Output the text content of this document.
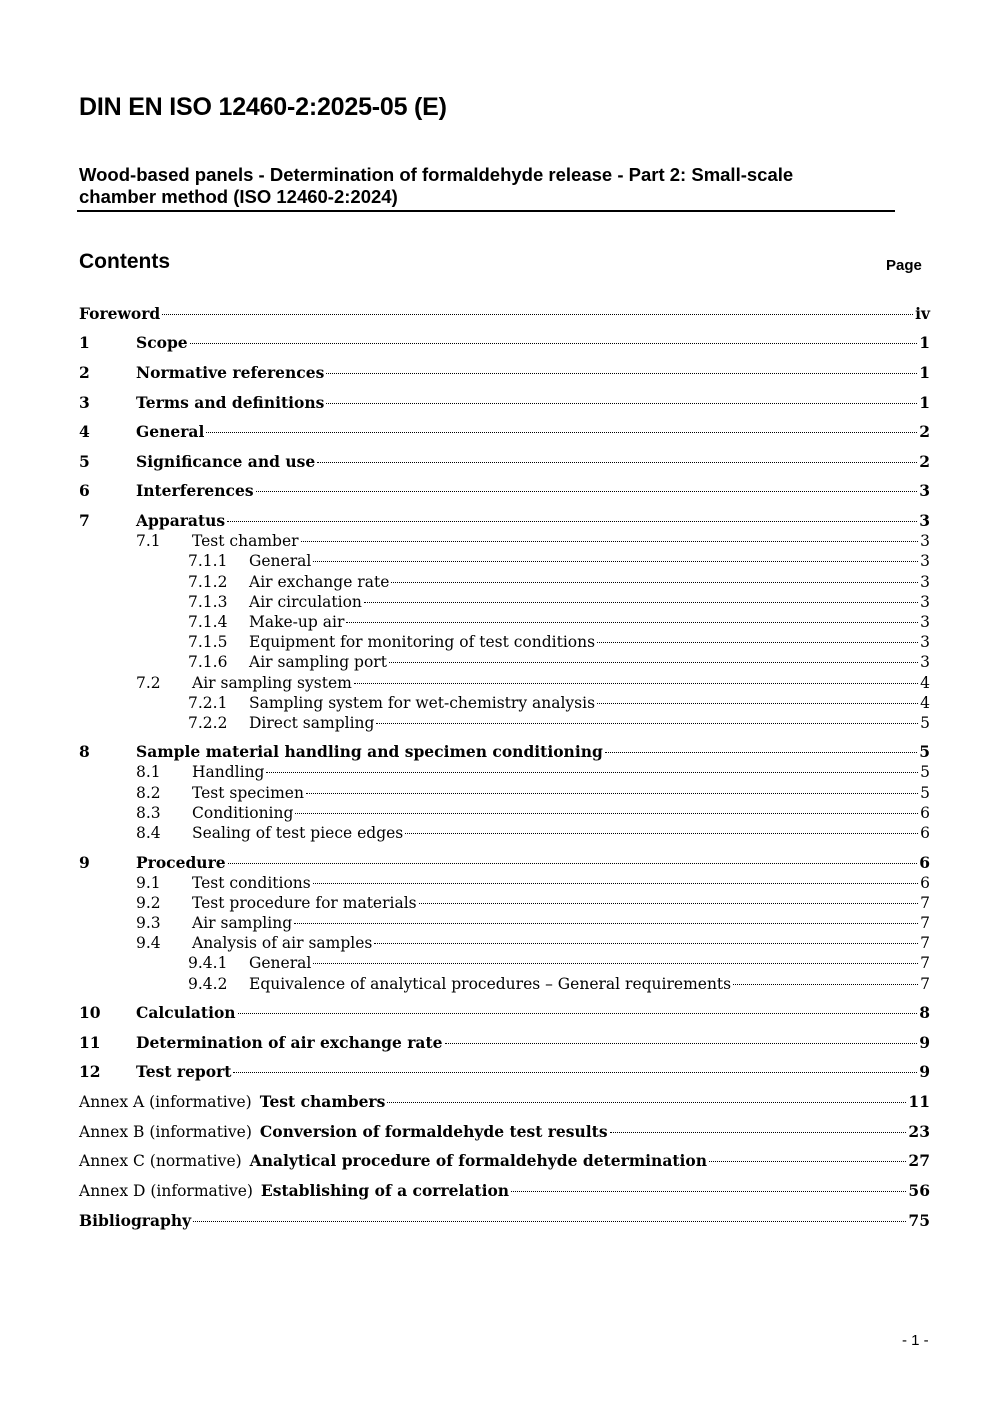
DIN EN ISO 12460-2:2025-05 (E)
Wood-based panels - Determination of formaldehyde release - Part 2: Small-scale
chamber method (ISO 12460-2:2024)
Contents	Page
Foreword	iv
1	Scope	1
2	Normative references	1
3	Terms and definitions	1
4	General	2
5	Significance and use	2
6	Interferences	3
7	Apparatus	3
7.1	Test chamber	3
7.1.1	General	3
7.1.2	Air exchange rate	3
7.1.3	Air circulation	3
7.1.4	Make-up air	3
7.1.5	Equipment for monitoring of test conditions	3
7.1.6	Air sampling port	3
7.2	Air sampling system	4
7.2.1	Sampling system for wet-chemistry analysis	4
7.2.2	Direct sampling	5
8	Sample material handling and specimen conditioning	5
8.1	Handling	5
8.2	Test specimen	5
8.3	Conditioning	6
8.4	Sealing of test piece edges	6
9	Procedure	6
9.1	Test conditions	6
9.2	Test procedure for materials	7
9.3	Air sampling	7
9.4	Analysis of air samples	7
9.4.1	General	7
9.4.2	Equivalence of analytical procedures – General requirements	7
10	Calculation	8
11	Determination of air exchange rate	9
12	Test report	9
Annex A (informative) Test chambers	11
Annex B (informative) Conversion of formaldehyde test results	23
Annex C (normative) Analytical procedure of formaldehyde determination	27
Annex D (informative) Establishing of a correlation	56
Bibliography	75
- 1 -
